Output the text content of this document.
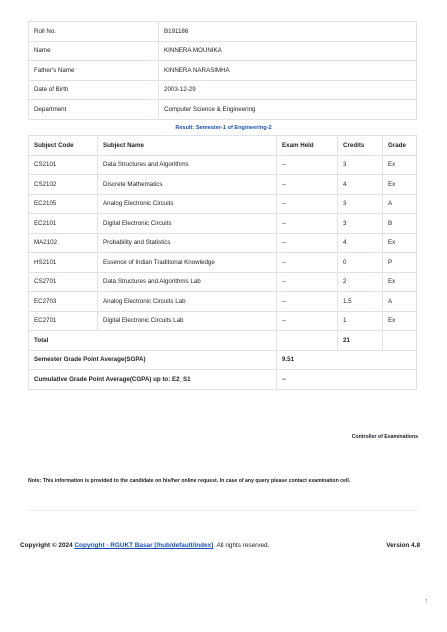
Roll No.	B191186
Name	KINNERA MOUNIKA
Father's Name	KINNERA NARASIMHA
Date of Birth	2003-12-29
Department	Computer Science & Engineering
Result: Semester-1 of Engineering-2
Subject Code	Subject Name	Exam Held	Credits	Grade
CS2101	Data Structures and Algorithms	--	3	Ex
CS2102	Discrete Mathematics	--	4	Ex
EC2105	Analog Electronic Circuits	--	3	A
EC2101	Digital Electronic Circuits	--	3	B
MA2102	Probability and Statistics	--	4	Ex
HS2101	Essence of Indian Traditional Knowledge	--	0	P
CS2701	Data Structures and Algorithms Lab	--	2	Ex
EC2703	Analog Electronic Circuits Lab	--	1.5	A
EC2701	Digital Electronic Circuits Lab	--	1	Ex
Total			21	
Semester Grade Point Average(SGPA)		9.51		
Cumulative Grade Point Average(CGPA) up to: E2_S1		--		
Controller of Examinations
Note: This information is provided to the candidate on his/her online request. In case of any query please contact examination cell.
Copyright © 2024 Copyright - RGUKT Basar [/hub/default/index]. All rights reserved.	Version 4.8
↑
